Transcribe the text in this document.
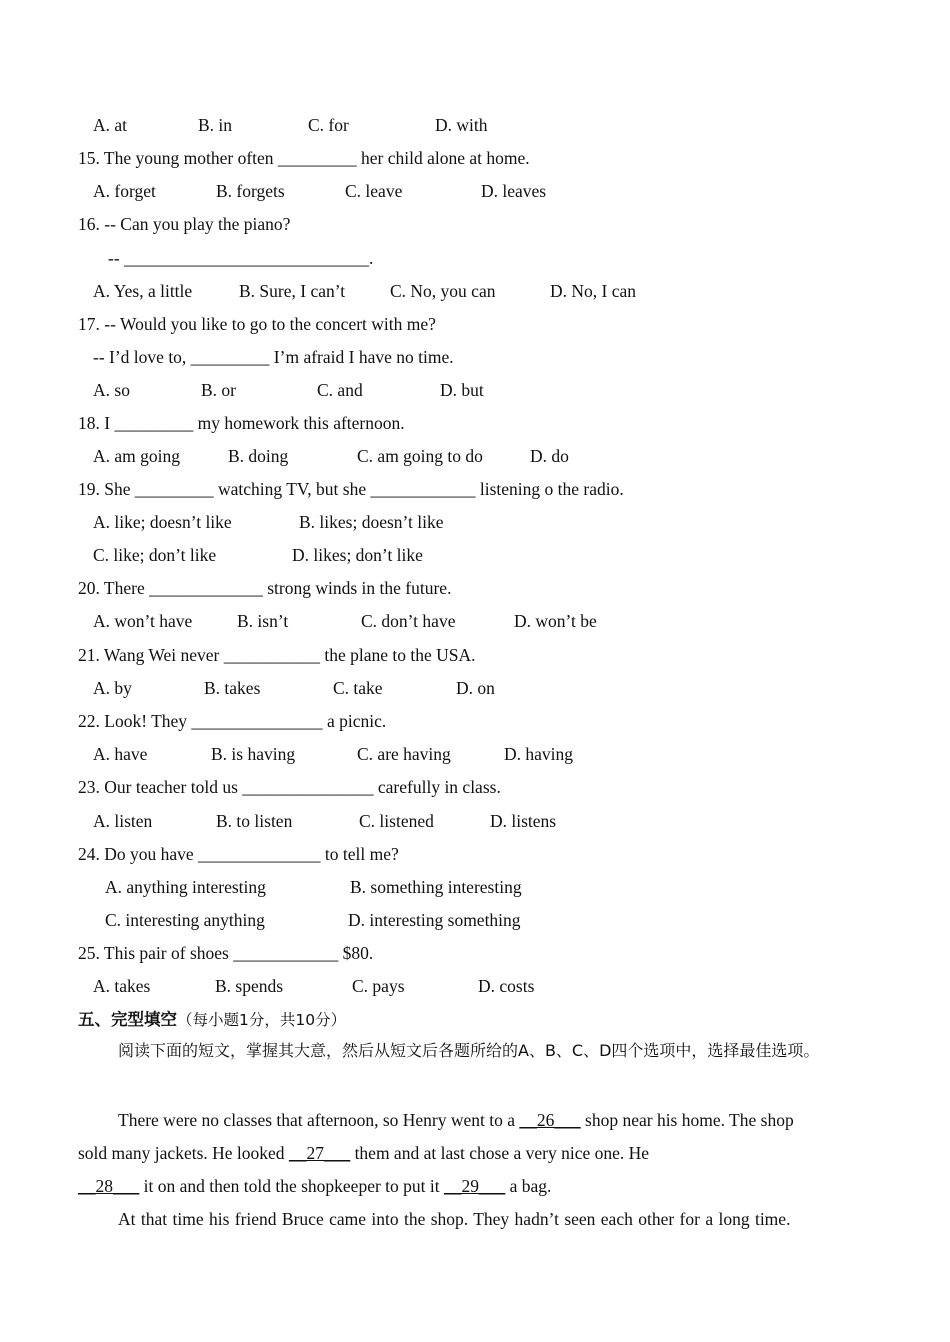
A. at	B. in	C. for	D. with
15. The young mother often _________ her child alone at home.
A. forget	B. forgets	C. leave	D. leaves
16. -- Can you play the piano?
-- ____________________________.
A. Yes, a little	B. Sure, I can’t	C. No, you can	D. No, I can
17. -- Would you like to go to the concert with me?
-- I’d love to, _________ I’m afraid I have no time.
A. so	B. or	C. and	D. but
18. I _________ my homework this afternoon.
A. am going	B. doing	C. am going to do	D. do
19. She _________ watching TV, but she ____________ listening o the radio.
A. like; doesn’t like	B. likes; doesn’t like
C. like; don’t like	D. likes; don’t like
20. There _____________ strong winds in the future.
A. won’t have	B. isn’t	C. don’t have	D. won’t be
21. Wang Wei never ___________ the plane to the USA.
A. by	B. takes	C. take	D. on
22. Look! They _______________ a picnic.
A. have	B. is having	C. are having	D. having
23. Our teacher told us _______________ carefully in class.
A. listen	B. to listen	C. listened	D. listens
24. Do you have ______________ to tell me?
A. anything interesting	B. something interesting
C. interesting anything	D. interesting something
25. This pair of shoes ____________ $80.
A. takes	B. spends	C. pays	D. costs
五、完型填空（每小题1分，共10分）
阅读下面的短文，掌握其大意，然后从短文后各题所给的A、B、C、D四个选项中，选择最佳选项。
There were no classes that afternoon, so Henry went to a __26___ shop near his home. The shop
sold many jackets. He looked __27___ them and at last chose a very nice one. He
__28___ it on and then told the shopkeeper to put it __29___ a bag.
At that time his friend Bruce came into the shop. They hadn’t seen each other for a long time.
